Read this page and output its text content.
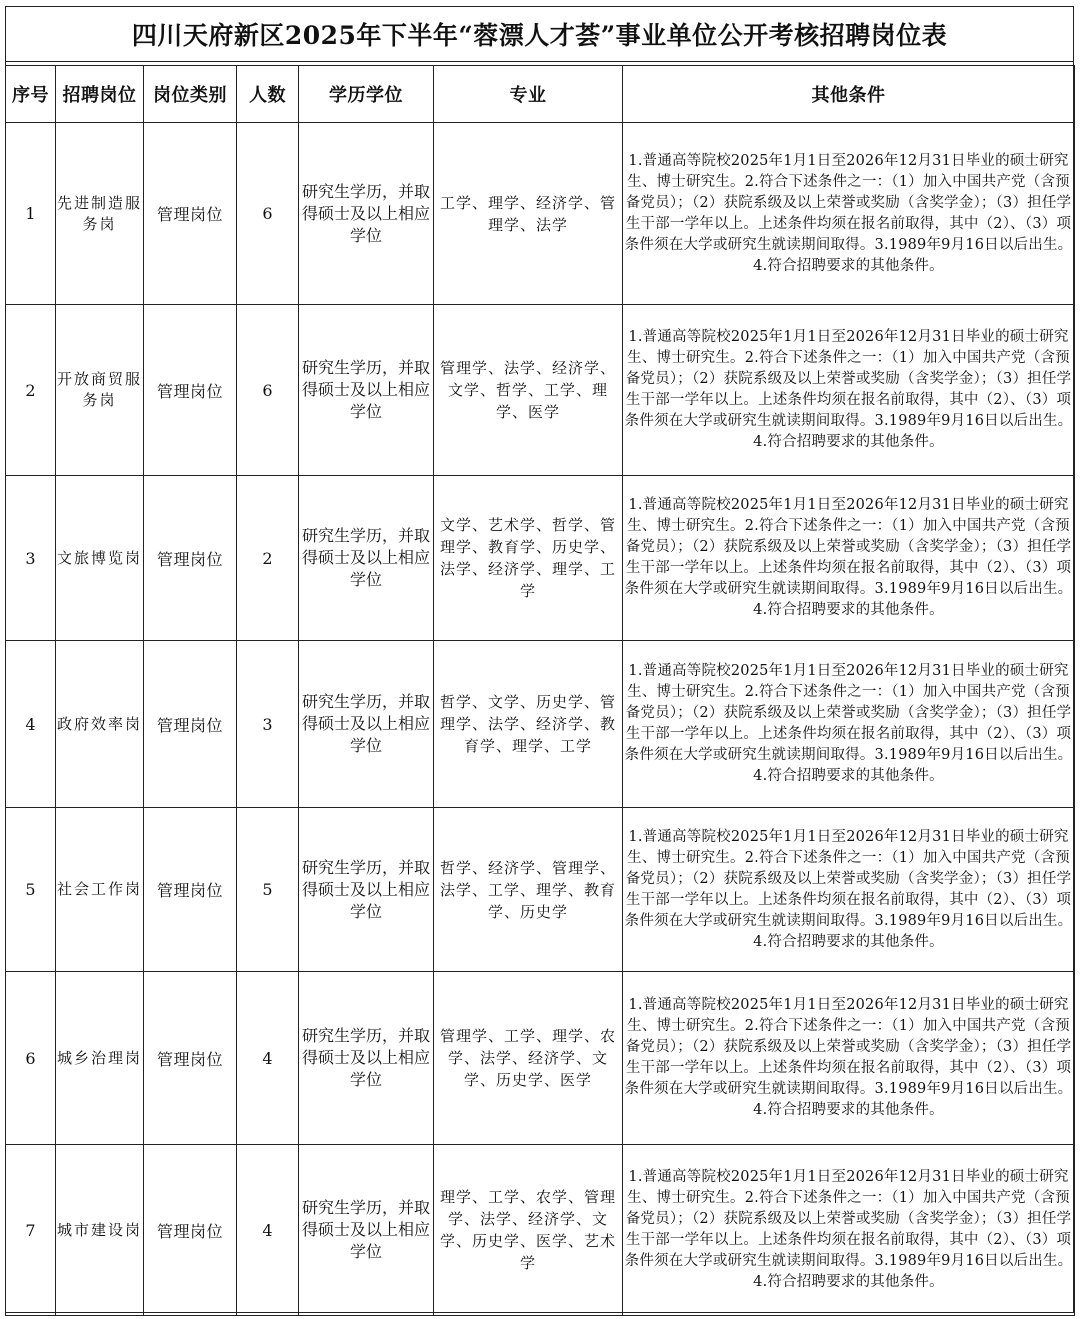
四川天府新区2025年下半年“蓉漂人才荟”事业单位公开考核招聘岗位表
序号	招聘岗位	岗位类别	人数	学历学位	专业	其他条件
1	先进制造服务岗	管理岗位	6	研究生学历，并取得硕士及以上相应学位	工学、理学、经济学、管理学、法学	1.普通高等院校2025年1月1日至2026年12月31日毕业的硕士研究生、博士研究生。2.符合下述条件之一：（1）加入中国共产党（含预备党员）；（2）获院系级及以上荣誉或奖励（含奖学金）；（3）担任学生干部一学年以上。上述条件均须在报名前取得，其中（2）、（3）项条件须在大学或研究生就读期间取得。3.1989年9月16日以后出生。4.符合招聘要求的其他条件。
2	开放商贸服务岗	管理岗位	6	研究生学历，并取得硕士及以上相应学位	管理学、法学、经济学、文学、哲学、工学、理学、医学	1.普通高等院校2025年1月1日至2026年12月31日毕业的硕士研究生、博士研究生。2.符合下述条件之一：（1）加入中国共产党（含预备党员）；（2）获院系级及以上荣誉或奖励（含奖学金）；（3）担任学生干部一学年以上。上述条件均须在报名前取得，其中（2）、（3）项条件须在大学或研究生就读期间取得。3.1989年9月16日以后出生。4.符合招聘要求的其他条件。
3	文旅博览岗	管理岗位	2	研究生学历，并取得硕士及以上相应学位	文学、艺术学、哲学、管理学、教育学、历史学、法学、经济学、理学、工学	1.普通高等院校2025年1月1日至2026年12月31日毕业的硕士研究生、博士研究生。2.符合下述条件之一：（1）加入中国共产党（含预备党员）；（2）获院系级及以上荣誉或奖励（含奖学金）；（3）担任学生干部一学年以上。上述条件均须在报名前取得，其中（2）、（3）项条件须在大学或研究生就读期间取得。3.1989年9月16日以后出生。4.符合招聘要求的其他条件。
4	政府效率岗	管理岗位	3	研究生学历，并取得硕士及以上相应学位	哲学、文学、历史学、管理学、法学、经济学、教育学、理学、工学	1.普通高等院校2025年1月1日至2026年12月31日毕业的硕士研究生、博士研究生。2.符合下述条件之一：（1）加入中国共产党（含预备党员）；（2）获院系级及以上荣誉或奖励（含奖学金）；（3）担任学生干部一学年以上。上述条件均须在报名前取得，其中（2）、（3）项条件须在大学或研究生就读期间取得。3.1989年9月16日以后出生。4.符合招聘要求的其他条件。
5	社会工作岗	管理岗位	5	研究生学历，并取得硕士及以上相应学位	哲学、经济学、管理学、法学、工学、理学、教育学、历史学	1.普通高等院校2025年1月1日至2026年12月31日毕业的硕士研究生、博士研究生。2.符合下述条件之一：（1）加入中国共产党（含预备党员）；（2）获院系级及以上荣誉或奖励（含奖学金）；（3）担任学生干部一学年以上。上述条件均须在报名前取得，其中（2）、（3）项条件须在大学或研究生就读期间取得。3.1989年9月16日以后出生。4.符合招聘要求的其他条件。
6	城乡治理岗	管理岗位	4	研究生学历，并取得硕士及以上相应学位	管理学、工学、理学、农学、法学、经济学、文学、历史学、医学	1.普通高等院校2025年1月1日至2026年12月31日毕业的硕士研究生、博士研究生。2.符合下述条件之一：（1）加入中国共产党（含预备党员）；（2）获院系级及以上荣誉或奖励（含奖学金）；（3）担任学生干部一学年以上。上述条件均须在报名前取得，其中（2）、（3）项条件须在大学或研究生就读期间取得。3.1989年9月16日以后出生。4.符合招聘要求的其他条件。
7	城市建设岗	管理岗位	4	研究生学历，并取得硕士及以上相应学位	理学、工学、农学、管理学、法学、经济学、文学、历史学、医学、艺术学	1.普通高等院校2025年1月1日至2026年12月31日毕业的硕士研究生、博士研究生。2.符合下述条件之一：（1）加入中国共产党（含预备党员）；（2）获院系级及以上荣誉或奖励（含奖学金）；（3）担任学生干部一学年以上。上述条件均须在报名前取得，其中（2）、（3）项条件须在大学或研究生就读期间取得。3.1989年9月16日以后出生。4.符合招聘要求的其他条件。
